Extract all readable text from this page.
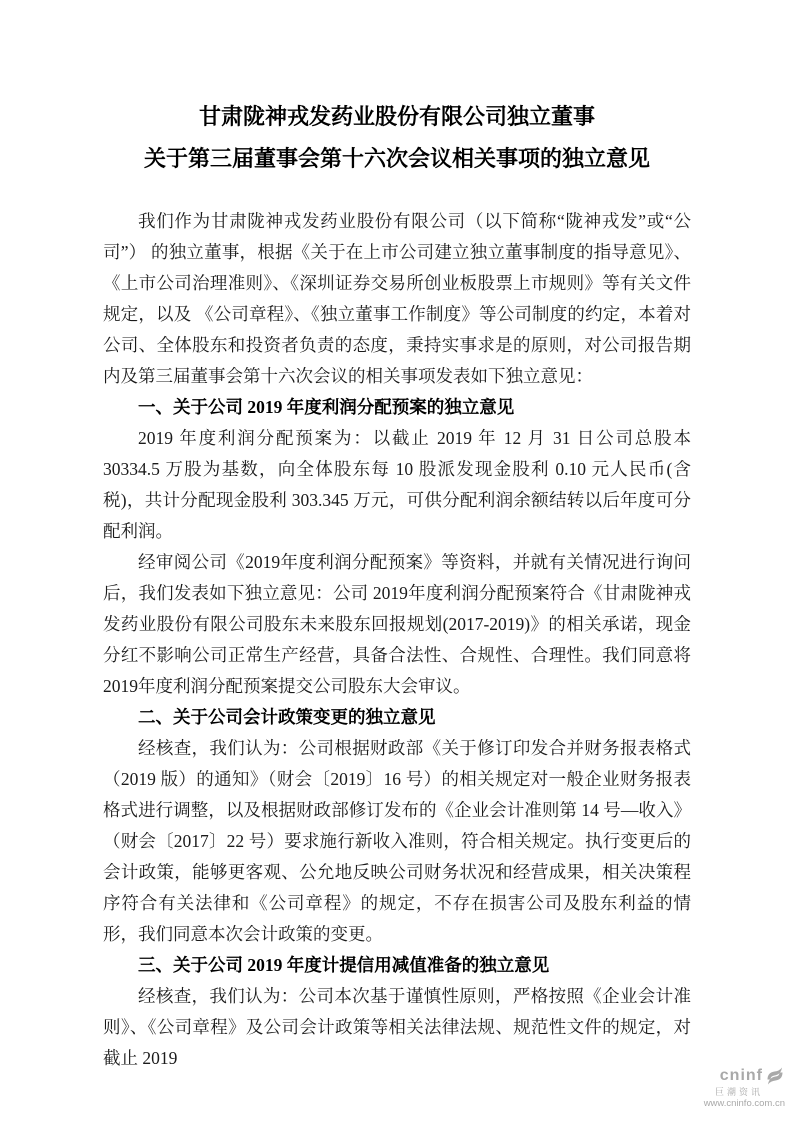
甘肃陇神戎发药业股份有限公司独立董事
关于第三届董事会第十六次会议相关事项的独立意见

我们作为甘肃陇神戎发药业股份有限公司（以下简称“陇神戎发”或“公司”） 的独立董事，根据《关于在上市公司建立独立董事制度的指导意见》、《上市公司治理准则》、《深圳证券交易所创业板股票上市规则》等有关文件规定，以及 《公司章程》、《独立董事工作制度》等公司制度的约定，本着对公司、全体股东和投资者负责的态度，秉持实事求是的原则，对公司报告期内及第三届董事会第十六次会议的相关事项发表如下独立意见：

一、关于公司 2019 年度利润分配预案的独立意见

2019 年度利润分配预案为：以截止 2019 年 12 月 31 日公司总股本 30334.5 万股为基数，向全体股东每 10 股派发现金股利 0.10 元人民币(含税)，共计分配现金股利 303.345 万元，可供分配利润余额结转以后年度可分配利润。

经审阅公司《2019年度利润分配预案》等资料，并就有关情况进行询问后，我们发表如下独立意见：公司 2019年度利润分配预案符合《甘肃陇神戎发药业股份有限公司股东未来股东回报规划(2017-2019)》的相关承诺，现金分红不影响公司正常生产经营，具备合法性、合规性、合理性。我们同意将 2019年度利润分配预案提交公司股东大会审议。

二、关于公司会计政策变更的独立意见

经核查，我们认为：公司根据财政部《关于修订印发合并财务报表格式（2019 版）的通知》（财会〔2019〕16 号）的相关规定对一般企业财务报表格式进行调整，以及根据财政部修订发布的《企业会计准则第 14 号—收入》（财会〔2017〕22 号）要求施行新收入准则，符合相关规定。执行变更后的会计政策，能够更客观、公允地反映公司财务状况和经营成果，相关决策程序符合有关法律和《公司章程》的规定，不存在损害公司及股东利益的情形，我们同意本次会计政策的变更。

三、关于公司 2019 年度计提信用减值准备的独立意见

经核查，我们认为：公司本次基于谨慎性原则，严格按照《企业会计准则》、《公司章程》及公司会计政策等相关法律法规、规范性文件的规定，对截止 2019

cninf
巨潮资讯
www.cninfo.com.cn
